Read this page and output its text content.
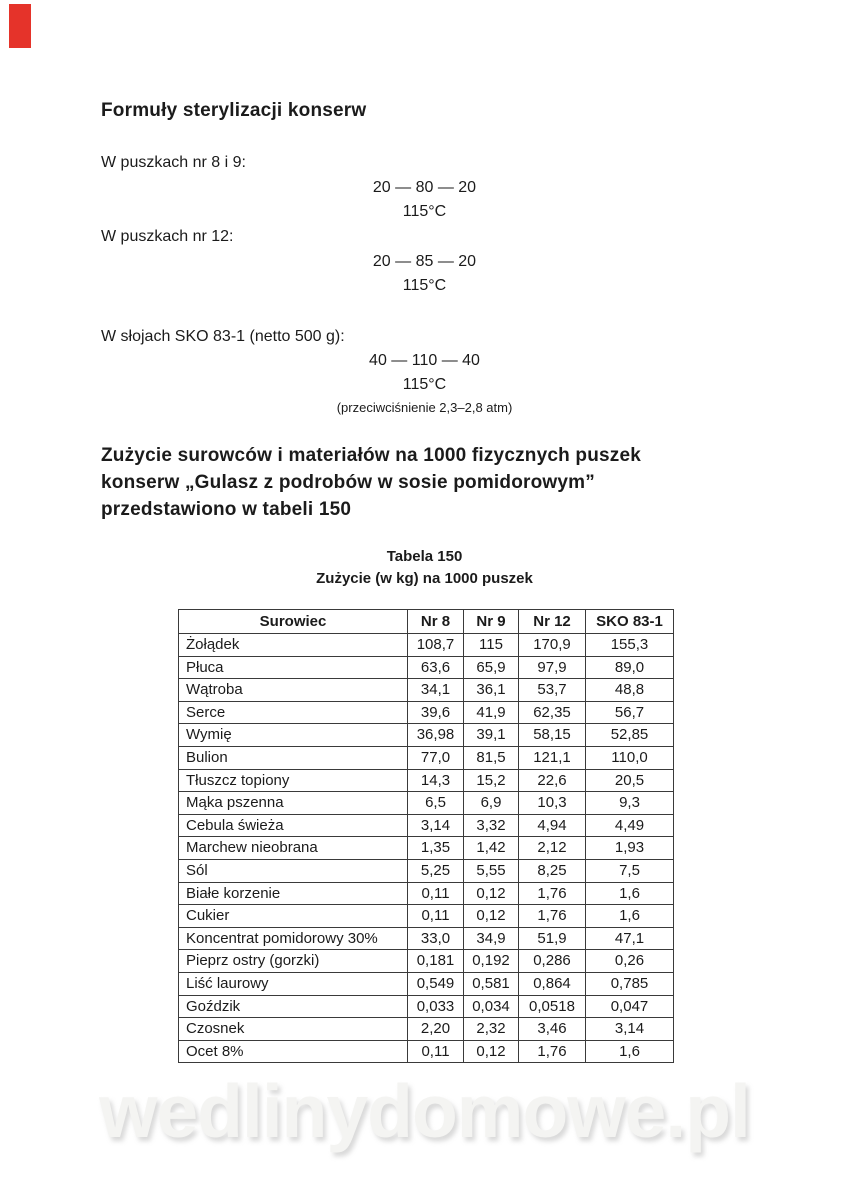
Formuły sterylizacji konserw
W puszkach nr 8 i 9:
20 — 80 — 20
115°C
W puszkach nr 12:
20 — 85 — 20
115°C
W słojach SKO 83-1 (netto 500 g):
40 — 110 — 40
115°C
(przeciwciśnienie 2,3–2,8 atm)
Zużycie surowców i materiałów na 1000 fizycznych puszek
konserw „Gulasz z podrobów w sosie pomidorowym”
przedstawiono w tabeli 150
Tabela 150
Zużycie (w kg) na 1000 puszek
Surowiec	Nr 8	Nr 9	Nr 12	SKO 83-1
Żołądek	108,7	115	170,9	155,3
Płuca	63,6	65,9	97,9	89,0
Wątroba	34,1	36,1	53,7	48,8
Serce	39,6	41,9	62,35	56,7
Wymię	36,98	39,1	58,15	52,85
Bulion	77,0	81,5	121,1	110,0
Tłuszcz topiony	14,3	15,2	22,6	20,5
Mąka pszenna	6,5	6,9	10,3	9,3
Cebula świeża	3,14	3,32	4,94	4,49
Marchew nieobrana	1,35	1,42	2,12	1,93
Sól	5,25	5,55	8,25	7,5
Białe korzenie	0,11	0,12	1,76	1,6
Cukier	0,11	0,12	1,76	1,6
Koncentrat pomidorowy 30%	33,0	34,9	51,9	47,1
Pieprz ostry (gorzki)	0,181	0,192	0,286	0,26
Liść laurowy	0,549	0,581	0,864	0,785
Goździk	0,033	0,034	0,0518	0,047
Czosnek	2,20	2,32	3,46	3,14
Ocet 8%	0,11	0,12	1,76	1,6
wedlinydomowe.pl
